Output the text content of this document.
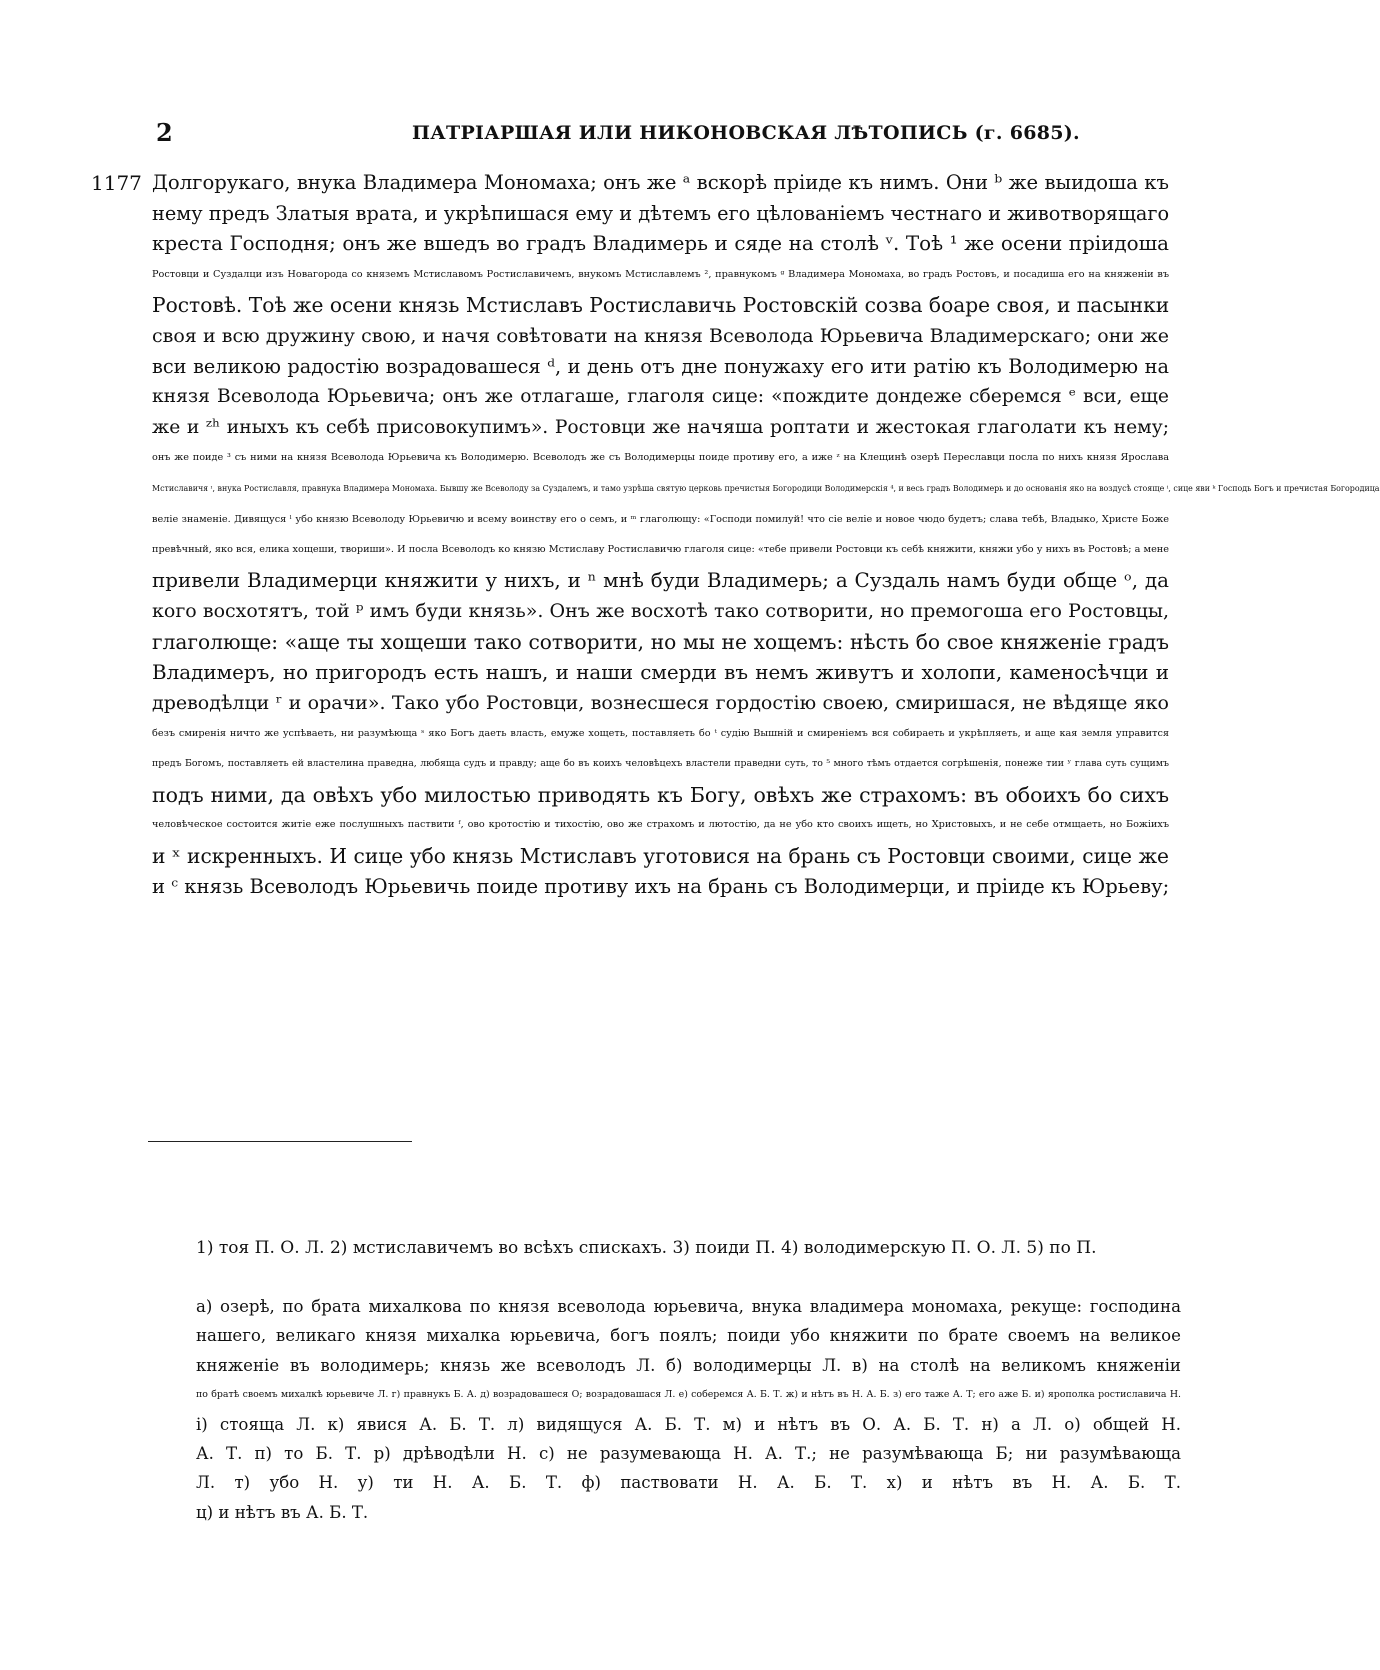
2	ПАТРІАРШАЯ ИЛИ НИКОНОВСКАЯ ЛѢТОПИСЬ (г. 6685).
1177 Долгорукаго, внука Владимера Мономаха; онъ же ᵃ вскорѣ пріиде къ нимъ. Они ᵇ же выидоша къ
нему предъ Златыя врата, и укрѣпишася ему и дѣтемъ его цѣлованіемъ честнаго и животворящаго
креста Господня; онъ же вшедъ во градъ Владимерь и сяде на столѣ ᵛ. Тоѣ ¹ же осени пріидоша
Ростовци и Суздалци изъ Новагорода со княземъ Мстиславомъ Ростиславичемъ, внукомъ Мстиславлемъ ², правнукомъ ᵍ Владимера Мономаха, во градъ Ростовъ, и посадиша его на княженіи въ
Ростовѣ. Тоѣ же осени князь Мстиславъ Ростиславичь Ростовскій созва боаре своя, и пасынки
своя и всю дружину свою, и начя совѣтовати на князя Всеволода Юрьевича Владимерскаго; они же
вси великою радостію возрадовашеся ᵈ, и день отъ дне понужаху его ити ратію къ Володимерю на
князя Всеволода Юрьевича; онъ же отлагаше, глаголя сице: «пождите дондеже сберемся ᵉ вси, еще
же и ᶻʰ иныхъ къ себѣ присовокупимъ». Ростовци же начяша роптати и жестокая глаголати къ нему;
онъ же поиде ³ съ ними на князя Всеволода Юрьевича къ Володимерю. Всеволодъ же съ Володимерцы поиде противу его, а иже ᶻ на Клещинѣ озерѣ Переславци посла по нихъ князя Ярослава
Мстиславичя ᶦ, внука Ростиславля, правнука Владимера Мономаха. Бывшу же Всеволоду за Суздалемъ, и тамо узрѣша святую церковь пречистыя Богородици Володимерскія ⁴, и весь градъ Володимерь и до основанія яко на воздусѣ стояще ⁱ, сице яви ᵏ Господь Богъ и пречистая Богородица
веліе знаменіе. Дивящуся ˡ убо князю Всеволоду Юрьевичю и всему воинству его о семъ, и ᵐ глаголющу: «Господи помилуй! что сіе веліе и новое чюдо будетъ; слава тебѣ, Владыко, Христе Боже
превѣчный, яко вся, елика хощеши, твориши». И посла Всеволодъ ко князю Мстиславу Ростиславичю глаголя сице: «тебе привели Ростовци къ себѣ княжити, княжи убо у нихъ въ Ростовѣ; а мене
привели Владимерци княжити у нихъ, и ⁿ мнѣ буди Владимерь; а Суздаль намъ буди обще ᵒ, да
кого восхотятъ, той ᵖ имъ буди князь». Онъ же восхотѣ тако сотворити, но премогоша его Ростовцы,
глаголюще: «аще ты хощеши тако сотворити, но мы не хощемъ: нѣсть бо свое княженіе градъ
Владимеръ, но пригородъ есть нашъ, и наши смерди въ немъ живутъ и холопи, каменосѣчци и
древодѣлци ʳ и орачи». Тако убо Ростовци, вознесшеся гордостію своею, смиришася, не вѣдяще яко
безъ смиренія ничто же успѣваеть, ни разумѣюща ˢ яко Богъ даеть власть, емуже хощеть, поставляеть бо ᵗ судію Вышній и смиреніемъ вся собираеть и укрѣпляеть, и аще кая земля управится
предъ Богомъ, поставляеть ей властелина праведна, любяща судъ и правду; аще бо въ коихъ человѣцехъ властели праведни суть, то ⁵ много тѣмъ отдается согрѣшенія, понеже тии ʸ глава суть сущимъ
подъ ними, да овѣхъ убо милостью приводять къ Богу, овѣхъ же страхомъ: въ обоихъ бо сихъ
человѣческое состоится житіе еже послушныхъ паствити ᶠ, ово кротостію и тихостію, ово же страхомъ и лютостію, да не убо кто своихъ ищеть, но Христовыхъ, и не себе отмщаеть, но Божіихъ
и ˣ искренныхъ. И сице убо князь Мстиславъ уготовися на брань съ Ростовци своими, сице же
и ᶜ князь Всеволодъ Юрьевичь поиде противу ихъ на брань съ Володимерци, и пріиде къ Юрьеву;
1) тоя П. О. Л. 2) мстиславичемъ во всѣхъ спискахъ. 3) поиди П. 4) володимерскую П. О. Л. 5) по П.
а) озерѣ, по брата михалкова по князя всеволода юрьевича, внука владимера мономаха, рекуще: господина
нашего, великаго князя михалка юрьевича, богъ поялъ; поиди убо княжити по брате своемъ на великое
княженіе въ володимерь; князь же всеволодъ Л. б) володимерцы Л. в) на столѣ на великомъ княженіи
по братѣ своемъ михалкѣ юрьевиче Л. г) правнукъ Б. А. д) возрадовашеся О; возрадовашася Л. е) соберемся А. Б. Т. ж) и нѣтъ въ Н. А. Б. з) его таже А. Т; его аже Б. и) ярополка ростиславича Н.
і) стояща Л. к) явися А. Б. Т. л) видящуся А. Б. Т. м) и нѣтъ въ О. А. Б. Т. н) а Л. о) общей Н.
А. Т. п) то Б. Т. р) дрѣводѣли Н. с) не разумевающа Н. А. Т.; не разумѣвающа Б; ни разумѣвающа
Л. т) убо Н. у) ти Н. А. Б. Т. ф) паствовати Н. А. Б. Т. х) и нѣтъ въ Н. А. Б. Т.
ц) и нѣтъ въ А. Б. Т.
